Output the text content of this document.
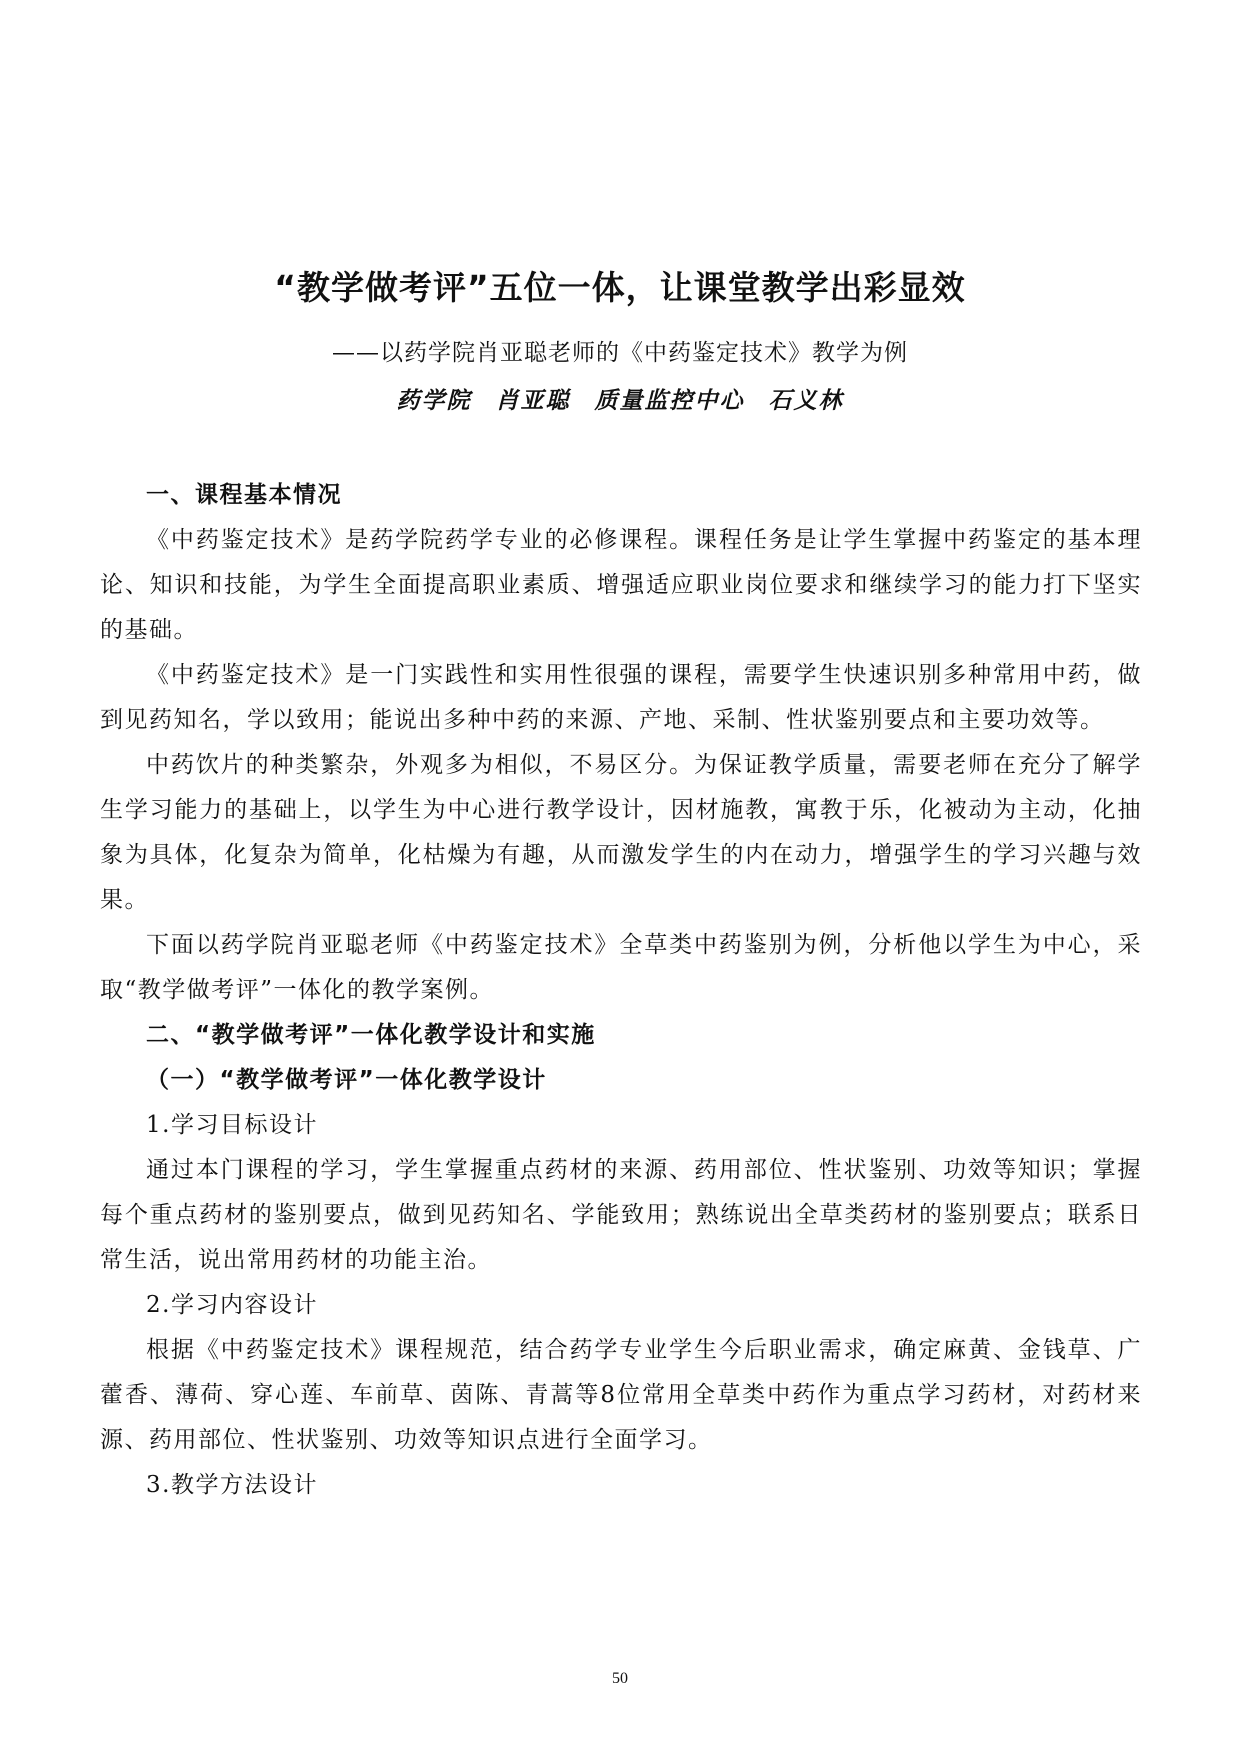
“教学做考评”五位一体，让课堂教学出彩显效
——以药学院肖亚聪老师的《中药鉴定技术》教学为例
药学院 肖亚聪 质量监控中心 石义林
一、课程基本情况

《中药鉴定技术》是药学院药学专业的必修课程。课程任务是让学生掌握中药鉴定的基本理论、知识和技能，为学生全面提高职业素质、增强适应职业岗位要求和继续学习的能力打下坚实的基础。

《中药鉴定技术》是一门实践性和实用性很强的课程，需要学生快速识别多种常用中药，做到见药知名，学以致用；能说出多种中药的来源、产地、采制、性状鉴别要点和主要功效等。

中药饮片的种类繁杂，外观多为相似，不易区分。为保证教学质量，需要老师在充分了解学生学习能力的基础上，以学生为中心进行教学设计，因材施教，寓教于乐，化被动为主动，化抽象为具体，化复杂为简单，化枯燥为有趣，从而激发学生的内在动力，增强学生的学习兴趣与效果。

下面以药学院肖亚聪老师《中药鉴定技术》全草类中药鉴别为例，分析他以学生为中心，采取“教学做考评”一体化的教学案例。

二、“教学做考评”一体化教学设计和实施
（一）“教学做考评”一体化教学设计
1.学习目标设计

通过本门课程的学习，学生掌握重点药材的来源、药用部位、性状鉴别、功效等知识；掌握每个重点药材的鉴别要点，做到见药知名、学能致用；熟练说出全草类药材的鉴别要点；联系日常生活，说出常用药材的功能主治。

2.学习内容设计

根据《中药鉴定技术》课程规范，结合药学专业学生今后职业需求，确定麻黄、金钱草、广藿香、薄荷、穿心莲、车前草、茵陈、青蒿等8位常用全草类中药作为重点学习药材，对药材来源、药用部位、性状鉴别、功效等知识点进行全面学习。

3.教学方法设计
50
